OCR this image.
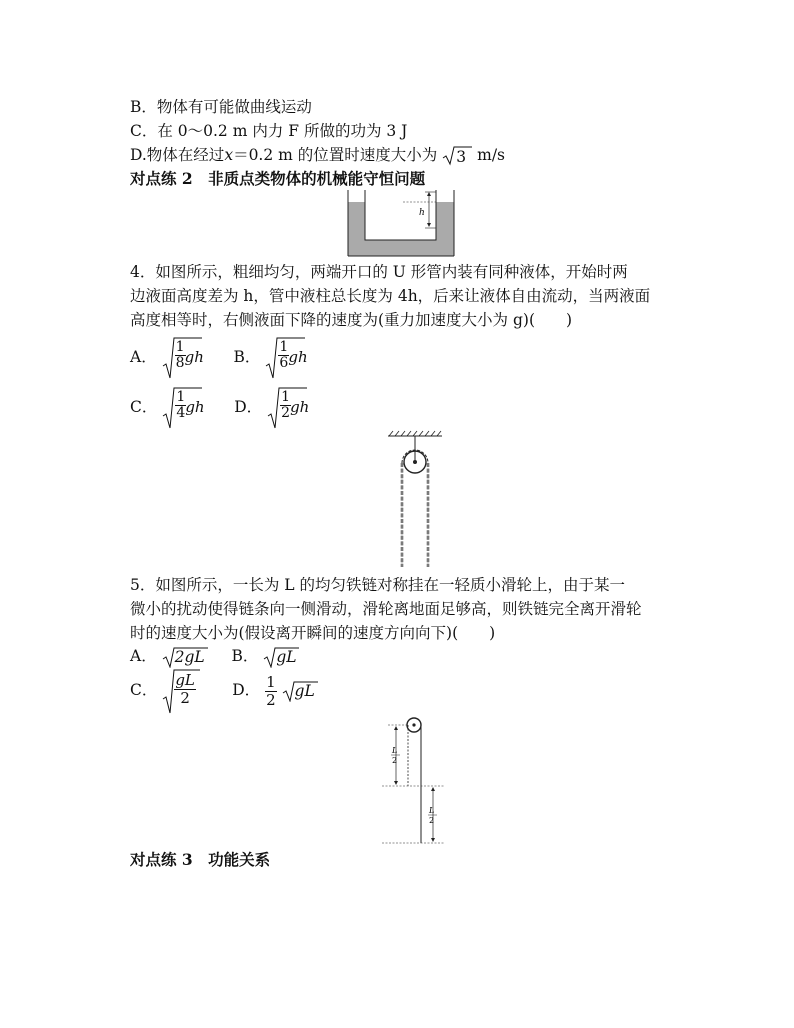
B．物体有可能做曲线运动
C．在 0～0.2 m 内力 F 所做的功为 3 J
D.物体在经过x＝0.2 m 的位置时速度大小为 3 m/s
对点练 2　非质点类物体的机械能守恒问题
h
4．如图所示，粗细均匀，两端开口的 U 形管内装有同种液体，开始时两
边液面高度差为 h，管中液柱总长度为 4h，后来让液体自由流动，当两液面
高度相等时，右侧液面下降的速度为(重力加速度大小为 g)(　　)
A． $\frac{1}{8}$ gh B． $\frac{1}{6}$ gh
C． $\frac{1}{4}$ gh D． $\frac{1}{2}$ gh
5．如图所示，一长为 L 的均匀铁链对称挂在一轻质小滑轮上，由于某一
微小的扰动使得链条向一侧滑动，滑轮离地面足够高，则铁链完全离开滑轮
时的速度大小为(假设离开瞬间的速度方向向下)(　　)
A． 2gL B． gL
C． $\frac{gL}{2}$ D． $\frac{1}{2}$
gL
L
2
L
2
对点练 3　功能关系
